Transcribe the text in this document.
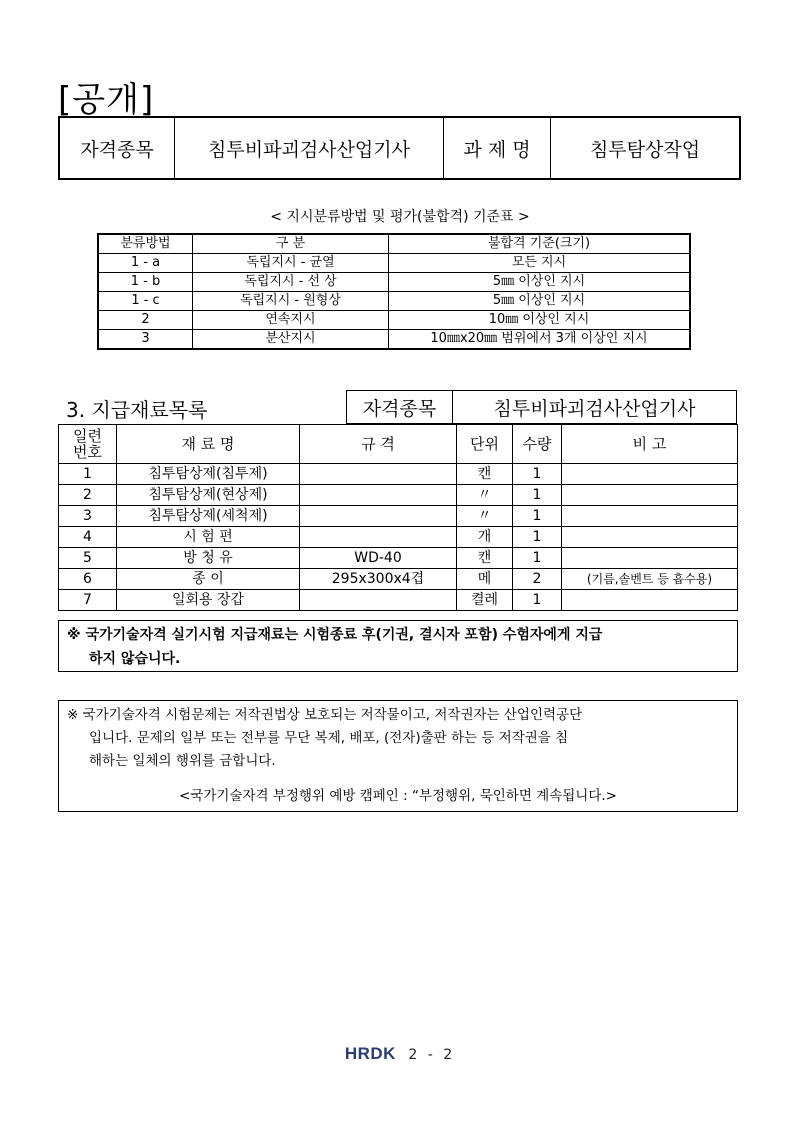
[공개]
자격종목	침투비파괴검사산업기사	과 제 명	침투탐상작업
< 지시분류방법 및 평가(불합격) 기준표 >
분류방법	구 분	불합격 기준(크기)
1 - a	독립지시 - 균열	모든 지시
1 - b	독립지시 - 선 상	5㎜ 이상인 지시
1 - c	독립지시 - 원형상	5㎜ 이상인 지시
2	연속지시	10㎜ 이상인 지시
3	분산지시	10㎜x20㎜ 범위에서 3개 이상인 지시
3. 지급재료목록	자격종목	침투비파괴검사산업기사
일련
번호	재 료 명	규 격	단위	수량	비 고
1	침투탐상제(침투제)		캔	1	
2	침투탐상제(현상제)		〃	1	
3	침투탐상제(세척제)		〃	1	
4	시 험 편		개	1	
5	방 청 유	WD-40	캔	1	
6	종 이	295x300x4겹	메	2	(기름,솔벤트 등 흡수용)
7	일회용 장갑		켤레	1	
※ 국가기술자격 실기시험 지급재료는 시험종료 후(기권, 결시자 포함) 수험자에게 지급
하지 않습니다.
※ 국가기술자격 시험문제는 저작권법상 보호되는 저작물이고, 저작권자는 산업인력공단
입니다. 문제의 일부 또는 전부를 무단 복제, 배포, (전자)출판 하는 등 저작권을 침
해하는 일체의 행위를 금합니다.
<국가기술자격 부정행위 예방 캠페인 : “부정행위, 묵인하면 계속됩니다.>
HRDK 2 - 2
